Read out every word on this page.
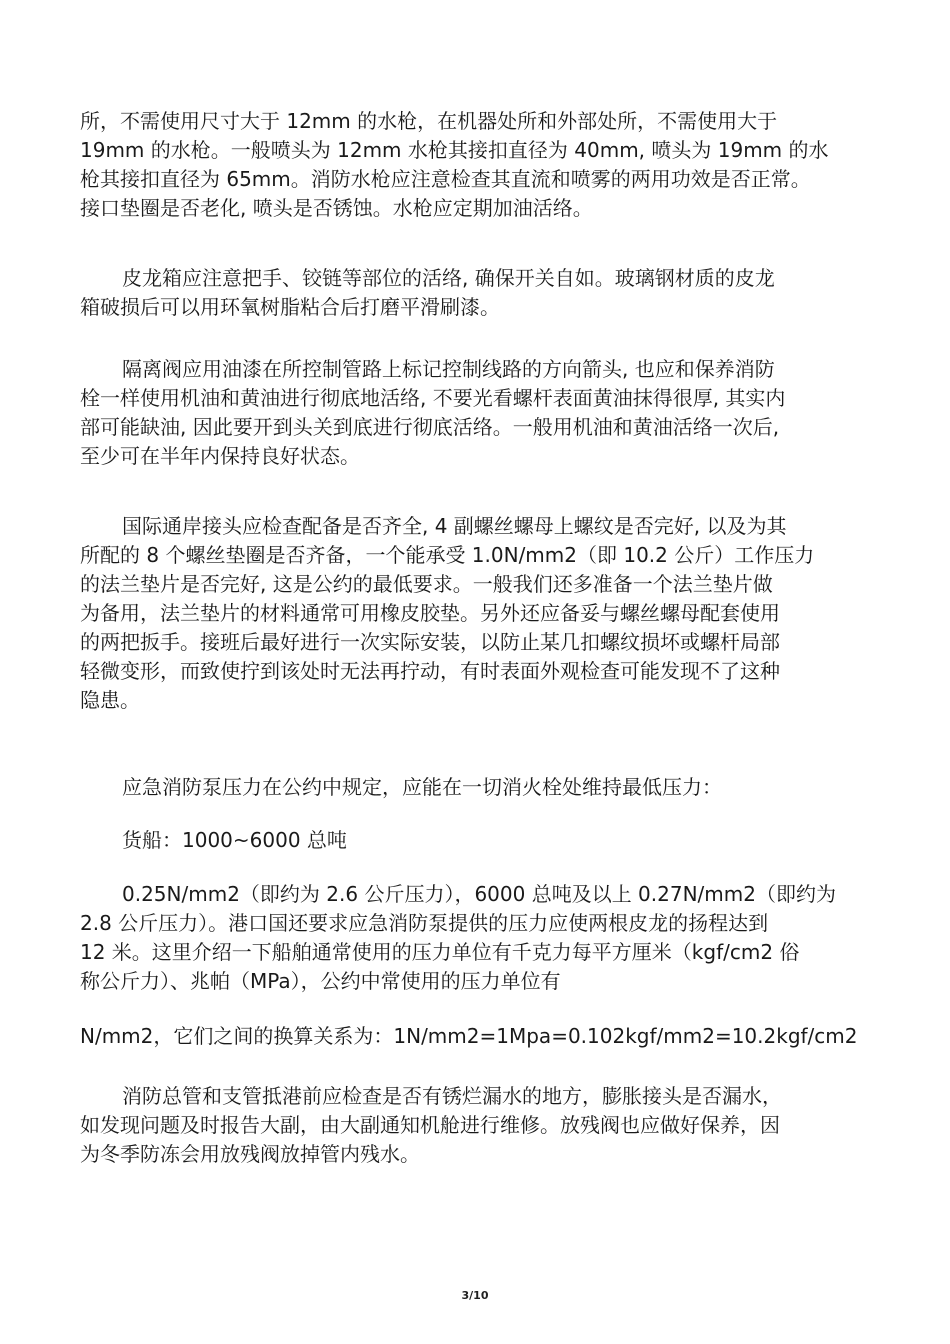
所，不需使用尺寸大于 12mm 的水枪，在机器处所和外部处所，不需使用大于
19mm 的水枪。一般喷头为 12mm 水枪其接扣直径为 40mm, 喷头为 19mm 的水
枪其接扣直径为 65mm。消防水枪应注意检查其直流和喷雾的两用功效是否正常。
接口垫圈是否老化, 喷头是否锈蚀。水枪应定期加油活络。
皮龙箱应注意把手、铰链等部位的活络, 确保开关自如。玻璃钢材质的皮龙
箱破损后可以用环氧树脂粘合后打磨平滑刷漆。
隔离阀应用油漆在所控制管路上标记控制线路的方向箭头, 也应和保养消防
栓一样使用机油和黄油进行彻底地活络, 不要光看螺杆表面黄油抹得很厚, 其实内
部可能缺油, 因此要开到头关到底进行彻底活络。一般用机油和黄油活络一次后,
至少可在半年内保持良好状态。
国际通岸接头应检查配备是否齐全, 4 副螺丝螺母上螺纹是否完好, 以及为其
所配的 8 个螺丝垫圈是否齐备，一个能承受 1.0N/mm2（即 10.2 公斤）工作压力
的法兰垫片是否完好, 这是公约的最低要求。一般我们还多准备一个法兰垫片做
为备用，法兰垫片的材料通常可用橡皮胶垫。另外还应备妥与螺丝螺母配套使用
的两把扳手。接班后最好进行一次实际安装，以防止某几扣螺纹损坏或螺杆局部
轻微变形，而致使拧到该处时无法再拧动，有时表面外观检查可能发现不了这种
隐患。
应急消防泵压力在公约中规定，应能在一切消火栓处维持最低压力：
货船：1000~6000 总吨
0.25N/mm2（即约为 2.6 公斤压力），6000 总吨及以上 0.27N/mm2（即约为
2.8 公斤压力）。港口国还要求应急消防泵提供的压力应使两根皮龙的扬程达到
12 米。这里介绍一下船舶通常使用的压力单位有千克力每平方厘米（kgf/cm2 俗
称公斤力）、兆帕（MPa），公约中常使用的压力单位有
N/mm2，它们之间的换算关系为：1N/mm2=1Mpa=0.102kgf/mm2=10.2kgf/cm2
消防总管和支管抵港前应检查是否有锈烂漏水的地方，膨胀接头是否漏水，
如发现问题及时报告大副，由大副通知机舱进行维修。放残阀也应做好保养，因
为冬季防冻会用放残阀放掉管内残水。
3/10
